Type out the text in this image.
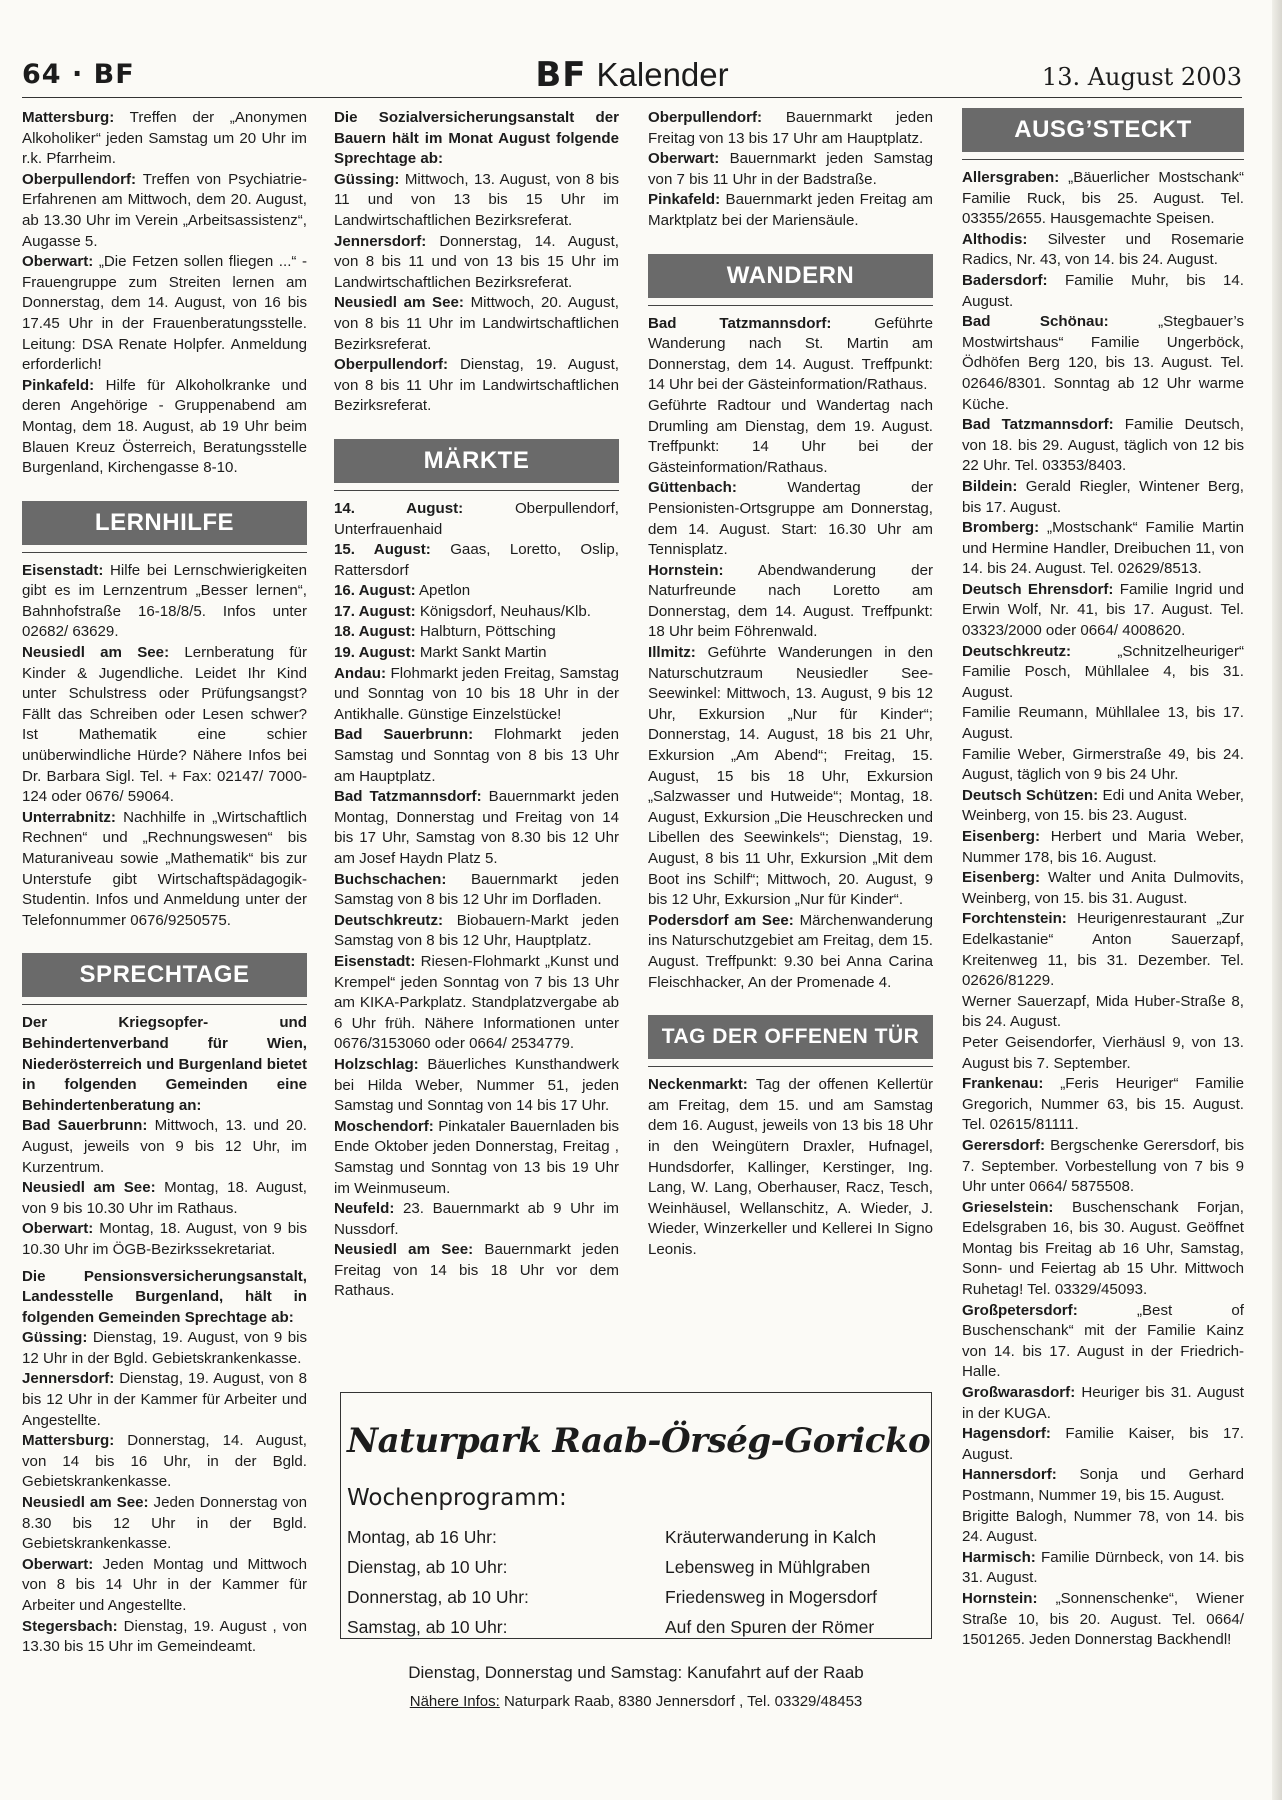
64 · BF	BF Kalender	13. August 2003

Mattersburg: Treffen der „Anonymen Alkoholiker“ jeden Samstag um 20 Uhr im r.k. Pfarrheim.

Oberpullendorf: Treffen von Psychiatrie-Erfahrenen am Mittwoch, dem 20. August, ab 13.30 Uhr im Verein „Arbeitsassistenz“, Augasse 5.

Oberwart: „Die Fetzen sollen fliegen ...“ - Frauengruppe zum Streiten lernen am Donnerstag, dem 14. August, von 16 bis 17.45 Uhr in der Frauenberatungsstelle. Leitung: DSA Renate Holpfer. Anmeldung erforderlich!

Pinkafeld: Hilfe für Alkoholkranke und deren Angehörige - Gruppenabend am Montag, dem 18. August, ab 19 Uhr beim Blauen Kreuz Österreich, Beratungsstelle Burgenland, Kirchengasse 8-10.

LERNHILFE

Eisenstadt: Hilfe bei Lernschwierigkeiten gibt es im Lernzentrum „Besser lernen“, Bahnhofstraße 16-18/8/5. Infos unter 02682/ 63629.

Neusiedl am See: Lernberatung für Kinder & Jugendliche. Leidet Ihr Kind unter Schulstress oder Prüfungsangst? Fällt das Schreiben oder Lesen schwer? Ist Mathematik eine schier unüberwindliche Hürde? Nähere Infos bei Dr. Barbara Sigl. Tel. + Fax: 02147/ 7000-124 oder 0676/ 59064.

Unterrabnitz: Nachhilfe in „Wirtschaftlich Rechnen“ und „Rechnungswesen“ bis Maturaniveau sowie „Mathematik“ bis zur Unterstufe gibt Wirtschaftspädagogik-Studentin. Infos und Anmeldung unter der Telefonnummer 0676/9250575.

SPRECHTAGE

Der Kriegsopfer- und Behindertenverband für Wien, Niederösterreich und Burgenland bietet in folgenden Gemeinden eine Behindertenberatung an:

Bad Sauerbrunn: Mittwoch, 13. und 20. August, jeweils von 9 bis 12 Uhr, im Kurzentrum.

Neusiedl am See: Montag, 18. August, von 9 bis 10.30 Uhr im Rathaus.

Oberwart: Montag, 18. August, von 9 bis 10.30 Uhr im ÖGB-Bezirkssekretariat.

Die Pensionsversicherungsanstalt, Landesstelle Burgenland, hält in folgenden Gemeinden Sprechtage ab:

Güssing: Dienstag, 19. August, von 9 bis 12 Uhr in der Bgld. Gebietskrankenkasse.

Jennersdorf: Dienstag, 19. August, von 8 bis 12 Uhr in der Kammer für Arbeiter und Angestellte.

Mattersburg: Donnerstag, 14. August, von 14 bis 16 Uhr, in der Bgld. Gebietskrankenkasse.

Neusiedl am See: Jeden Donnerstag von 8.30 bis 12 Uhr in der Bgld. Gebietskrankenkasse.

Oberwart: Jeden Montag und Mittwoch von 8 bis 14 Uhr in der Kammer für Arbeiter und Angestellte.

Stegersbach: Dienstag, 19. August , von 13.30 bis 15 Uhr im Gemeindeamt.

Die Sozialversicherungsanstalt der Bauern hält im Monat August folgende Sprechtage ab:

Güssing: Mittwoch, 13. August, von 8 bis 11 und von 13 bis 15 Uhr im Landwirtschaftlichen Bezirksreferat.

Jennersdorf: Donnerstag, 14. August, von 8 bis 11 und von 13 bis 15 Uhr im Landwirtschaftlichen Bezirksreferat.

Neusiedl am See: Mittwoch, 20. August, von 8 bis 11 Uhr im Landwirtschaftlichen Bezirksreferat.

Oberpullendorf: Dienstag, 19. August, von 8 bis 11 Uhr im Landwirtschaftlichen Bezirksreferat.

MÄRKTE

14. August: Oberpullendorf, Unterfrauenhaid

15. August: Gaas, Loretto, Oslip, Rattersdorf

16. August: Apetlon

17. August: Königsdorf, Neuhaus/Klb.

18. August: Halbturn, Pöttsching

19. August: Markt Sankt Martin

Andau: Flohmarkt jeden Freitag, Samstag und Sonntag von 10 bis 18 Uhr in der Antikhalle. Günstige Einzelstücke!

Bad Sauerbrunn: Flohmarkt jeden Samstag und Sonntag von 8 bis 13 Uhr am Hauptplatz.

Bad Tatzmannsdorf: Bauernmarkt jeden Montag, Donnerstag und Freitag von 14 bis 17 Uhr, Samstag von 8.30 bis 12 Uhr am Josef Haydn Platz 5.

Buchschachen: Bauernmarkt jeden Samstag von 8 bis 12 Uhr im Dorfladen.

Deutschkreutz: Biobauern-Markt jeden Samstag von 8 bis 12 Uhr, Hauptplatz.

Eisenstadt: Riesen-Flohmarkt „Kunst und Krempel“ jeden Sonntag von 7 bis 13 Uhr am KIKA-Parkplatz. Standplatzvergabe ab 6 Uhr früh. Nähere Informationen unter 0676/3153060 oder 0664/ 2534779.

Holzschlag: Bäuerliches Kunsthandwerk bei Hilda Weber, Nummer 51, jeden Samstag und Sonntag von 14 bis 17 Uhr.

Moschendorf: Pinkataler Bauernladen bis Ende Oktober jeden Donnerstag, Freitag , Samstag und Sonntag von 13 bis 19 Uhr im Weinmuseum.

Neufeld: 23. Bauernmarkt ab 9 Uhr im Nussdorf.

Neusiedl am See: Bauernmarkt jeden Freitag von 14 bis 18 Uhr vor dem Rathaus.

Oberpullendorf: Bauernmarkt jeden Freitag von 13 bis 17 Uhr am Hauptplatz.

Oberwart: Bauernmarkt jeden Samstag von 7 bis 11 Uhr in der Badstraße.

Pinkafeld: Bauernmarkt jeden Freitag am Marktplatz bei der Mariensäule.

WANDERN

Bad Tatzmannsdorf: Geführte Wanderung nach St. Martin am Donnerstag, dem 14. August. Treffpunkt: 14 Uhr bei der Gästeinformation/Rathaus.

Geführte Radtour und Wandertag nach Drumling am Dienstag, dem 19. August. Treffpunkt: 14 Uhr bei der Gästeinformation/Rathaus.

Güttenbach: Wandertag der Pensionisten-Ortsgruppe am Donnerstag, dem 14. August. Start: 16.30 Uhr am Tennisplatz.

Hornstein: Abendwanderung der Naturfreunde nach Loretto am Donnerstag, dem 14. August. Treffpunkt: 18 Uhr beim Föhrenwald.

Illmitz: Geführte Wanderungen in den Naturschutzraum Neusiedler See-Seewinkel: Mittwoch, 13. August, 9 bis 12 Uhr, Exkursion „Nur für Kinder“; Donnerstag, 14. August, 18 bis 21 Uhr, Exkursion „Am Abend“; Freitag, 15. August, 15 bis 18 Uhr, Exkursion „Salzwasser und Hutweide“; Montag, 18. August, Exkursion „Die Heuschrecken und Libellen des Seewinkels“; Dienstag, 19. August, 8 bis 11 Uhr, Exkursion „Mit dem Boot ins Schilf“; Mittwoch, 20. August, 9 bis 12 Uhr, Exkursion „Nur für Kinder“.

Podersdorf am See: Märchenwanderung ins Naturschutzgebiet am Freitag, dem 15. August. Treffpunkt: 9.30 bei Anna Carina Fleischhacker, An der Promenade 4.

TAG DER OFFENEN TÜR

Neckenmarkt: Tag der offenen Kellertür am Freitag, dem 15. und am Samstag dem 16. August, jeweils von 13 bis 18 Uhr in den Weingütern Draxler, Hufnagel, Hundsdorfer, Kallinger, Kerstinger, Ing. Lang, W. Lang, Oberhauser, Racz, Tesch, Weinhäusel, Wellanschitz, A. Wieder, J. Wieder, Winzerkeller und Kellerei In Signo Leonis.

AUSG’STECKT

Allersgraben: „Bäuerlicher Mostschank“ Familie Ruck, bis 25. August. Tel. 03355/2655. Hausgemachte Speisen.

Althodis: Silvester und Rosemarie Radics, Nr. 43, von 14. bis 24. August.

Badersdorf: Familie Muhr, bis 14. August.

Bad Schönau: „Stegbauer’s Mostwirtshaus“ Familie Ungerböck, Ödhöfen Berg 120, bis 13. August. Tel. 02646/8301. Sonntag ab 12 Uhr warme Küche.

Bad Tatzmannsdorf: Familie Deutsch, von 18. bis 29. August, täglich von 12 bis 22 Uhr. Tel. 03353/8403.

Bildein: Gerald Riegler, Wintener Berg, bis 17. August.

Bromberg: „Mostschank“ Familie Martin und Hermine Handler, Dreibuchen 11, von 14. bis 24. August. Tel. 02629/8513.

Deutsch Ehrensdorf: Familie Ingrid und Erwin Wolf, Nr. 41, bis 17. August. Tel. 03323/2000 oder 0664/ 4008620.

Deutschkreutz: „Schnitzelheuriger“ Familie Posch, Mühllalee 4, bis 31. August.

Familie Reumann, Mühllalee 13, bis 17. August.

Familie Weber, Girmerstraße 49, bis 24. August, täglich von 9 bis 24 Uhr.

Deutsch Schützen: Edi und Anita Weber, Weinberg, von 15. bis 23. August.

Eisenberg: Herbert und Maria Weber, Nummer 178, bis 16. August.

Eisenberg: Walter und Anita Dulmovits, Weinberg, von 15. bis 31. August.

Forchtenstein: Heurigenrestaurant „Zur Edelkastanie“ Anton Sauerzapf, Kreitenweg 11, bis 31. Dezember. Tel. 02626/81229.

Werner Sauerzapf, Mida Huber-Straße 8, bis 24. August.

Peter Geisendorfer, Vierhäusl 9, von 13. August bis 7. September.

Frankenau: „Feris Heuriger“ Familie Gregorich, Nummer 63, bis 15. August. Tel. 02615/81111.

Gerersdorf: Bergschenke Gerersdorf, bis 7. September. Vorbestellung von 7 bis 9 Uhr unter 0664/ 5875508.

Grieselstein: Buschenschank Forjan, Edelsgraben 16, bis 30. August. Geöffnet Montag bis Freitag ab 16 Uhr, Samstag, Sonn- und Feiertag ab 15 Uhr. Mittwoch Ruhetag! Tel. 03329/45093.

Großpetersdorf: „Best of Buschenschank“ mit der Familie Kainz von 14. bis 17. August in der Friedrich-Halle.

Großwarasdorf: Heuriger bis 31. August in der KUGA.

Hagensdorf: Familie Kaiser, bis 17. August.

Hannersdorf: Sonja und Gerhard Postmann, Nummer 19, bis 15. August.

Brigitte Balogh, Nummer 78, von 14. bis 24. August.

Harmisch: Familie Dürnbeck, von 14. bis 31. August.

Hornstein: „Sonnenschenke“, Wiener Straße 10, bis 20. August. Tel. 0664/ 1501265. Jeden Donnerstag Backhendl!

Naturpark Raab-Örség-Goricko
Wochenprogramm:
Montag, ab 16 Uhr:	Kräuterwanderung in Kalch
Dienstag, ab 10 Uhr:	Lebensweg in Mühlgraben
Donnerstag, ab 10 Uhr:	Friedensweg in Mogersdorf
Samstag, ab 10 Uhr:	Auf den Spuren der Römer
Dienstag, Donnerstag und Samstag: Kanufahrt auf der Raab
Nähere Infos: Naturpark Raab, 8380 Jennersdorf , Tel. 03329/48453
